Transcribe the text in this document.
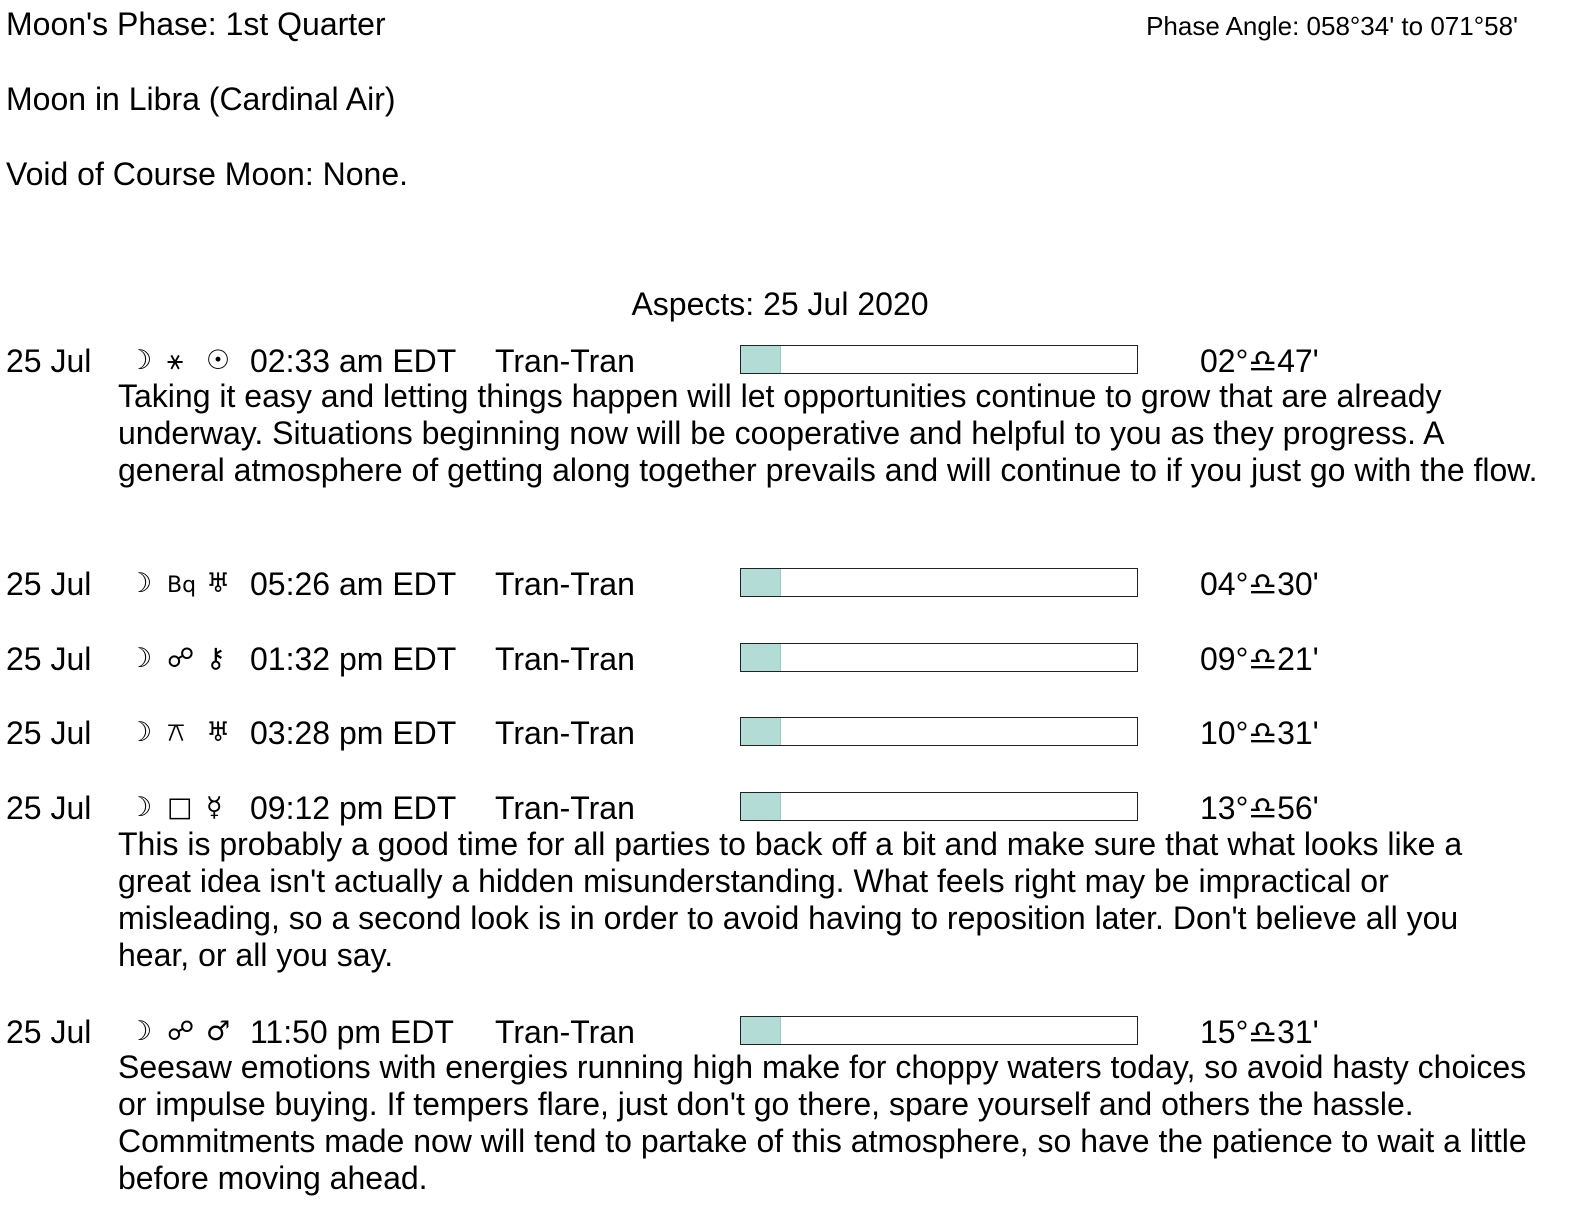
Moon's Phase: 1st Quarter	Phase Angle: 058°34' to 071°58'
Moon in Libra (Cardinal Air)
Void of Course Moon: None.
Aspects: 25 Jul 2020
25 Jul ☽ ⚹ ☉ 02:33 am EDT Tran-Tran	02°♎47'
Taking it easy and letting things happen will let opportunities continue to grow that are already underway. Situations beginning now will be cooperative and helpful to you as they progress. A general atmosphere of getting along together prevails and will continue to if you just go with the flow.
25 Jul ☽ Bq ♅ 05:26 am EDT Tran-Tran	04°♎30'
25 Jul ☽ ☍ ⚷ 01:32 pm EDT Tran-Tran	09°♎21'
25 Jul ☽ ⚻ ♅ 03:28 pm EDT Tran-Tran	10°♎31'
25 Jul ☽ □ ☿ 09:12 pm EDT Tran-Tran	13°♎56'
This is probably a good time for all parties to back off a bit and make sure that what looks like a great idea isn't actually a hidden misunderstanding. What feels right may be impractical or misleading, so a second look is in order to avoid having to reposition later. Don't believe all you hear, or all you say.
25 Jul ☽ ☍ ♂ 11:50 pm EDT Tran-Tran	15°♎31'
Seesaw emotions with energies running high make for choppy waters today, so avoid hasty choices or impulse buying. If tempers flare, just don't go there, spare yourself and others the hassle. Commitments made now will tend to partake of this atmosphere, so have the patience to wait a little before moving ahead.
